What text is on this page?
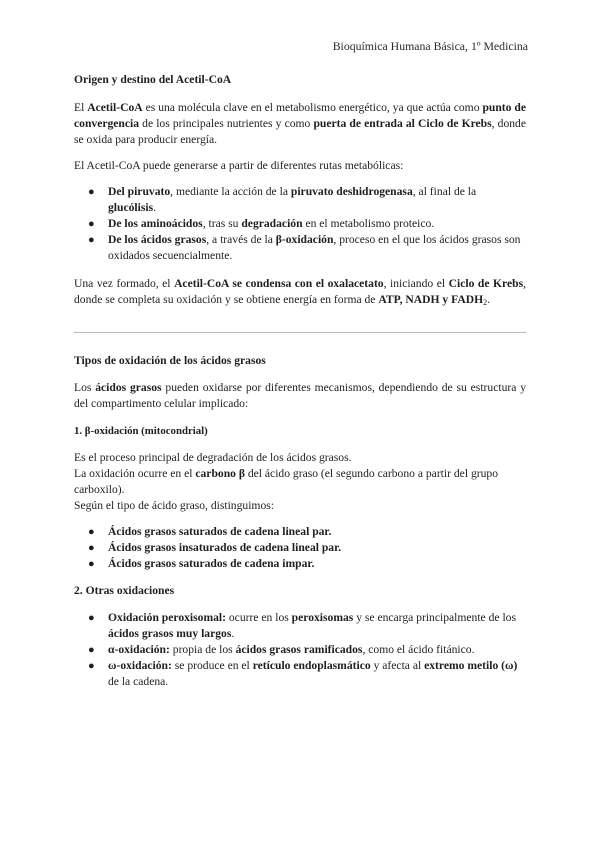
Bioquímica Humana Básica, 1º Medicina
Origen y destino del Acetil-CoA

El Acetil-CoA es una molécula clave en el metabolismo energético, ya que actúa como punto de convergencia de los principales nutrientes y como puerta de entrada al Ciclo de Krebs, donde se oxida para producir energía.

El Acetil-CoA puede generarse a partir de diferentes rutas metabólicas:

● Del piruvato, mediante la acción de la piruvato deshidrogenasa, al final de la glucólisis.
● De los aminoácidos, tras su degradación en el metabolismo proteico.
● De los ácidos grasos, a través de la β-oxidación, proceso en el que los ácidos grasos son oxidados secuencialmente.

Una vez formado, el Acetil-CoA se condensa con el oxalacetato, iniciando el Ciclo de Krebs, donde se completa su oxidación y se obtiene energía en forma de ATP, NADH y $FADH_2$.

Tipos de oxidación de los ácidos grasos

Los ácidos grasos pueden oxidarse por diferentes mecanismos, dependiendo de su estructura y del compartimento celular implicado:

1. β-oxidación (mitocondrial)

Es el proceso principal de degradación de los ácidos grasos.

La oxidación ocurre en el carbono β del ácido graso (el segundo carbono a partir del grupo carboxilo).

Según el tipo de ácido graso, distinguimos:

● Ácidos grasos saturados de cadena lineal par.
● Ácidos grasos insaturados de cadena lineal par.
● Ácidos grasos saturados de cadena impar.
2. Otras oxidaciones
● Oxidación peroxisomal: ocurre en los peroxisomas y se encarga principalmente de los ácidos grasos muy largos.
● α-oxidación: propia de los ácidos grasos ramificados, como el ácido fitánico.
● ω-oxidación: se produce en el retículo endoplasmático y afecta al extremo metilo (ω) de la cadena.
